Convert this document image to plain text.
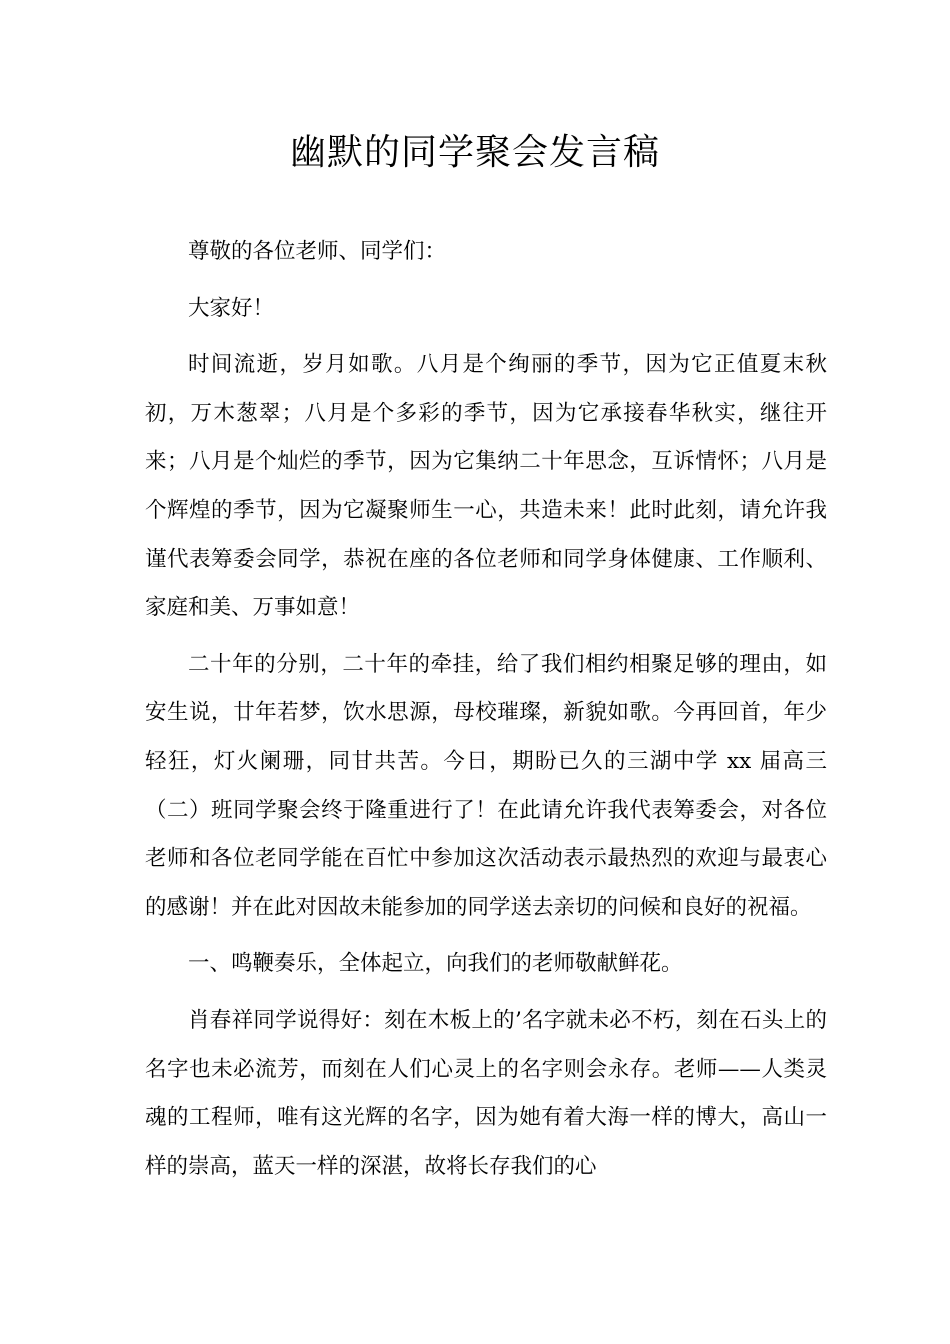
幽默的同学聚会发言稿

尊敬的各位老师、同学们：

大家好！

时间流逝，岁月如歌。八月是个绚丽的季节，因为它正值夏末秋初，万木葱翠；八月是个多彩的季节，因为它承接春华秋实，继往开来；八月是个灿烂的季节，因为它集纳二十年思念，互诉情怀；八月是个辉煌的季节，因为它凝聚师生一心，共造未来！此时此刻，请允许我谨代表筹委会同学，恭祝在座的各位老师和同学身体健康、工作顺利、家庭和美、万事如意！

二十年的分别，二十年的牵挂，给了我们相约相聚足够的理由，如安生说，廿年若梦，饮水思源，母校璀璨，新貌如歌。今再回首，年少轻狂，灯火阑珊，同甘共苦。今日，期盼已久的三湖中学 xx 届高三（二）班同学聚会终于隆重进行了！在此请允许我代表筹委会，对各位老师和各位老同学能在百忙中参加这次活动表示最热烈的欢迎与最衷心的感谢！并在此对因故未能参加的同学送去亲切的问候和良好的祝福。

一、鸣鞭奏乐，全体起立，向我们的老师敬献鲜花。

肖春祥同学说得好：刻在木板上的’名字就未必不朽，刻在石头上的名字也未必流芳，而刻在人们心灵上的名字则会永存。老师——人类灵魂的工程师，唯有这光辉的名字，因为她有着大海一样的博大，高山一样的崇高，蓝天一样的深湛，故将长存我们的心
